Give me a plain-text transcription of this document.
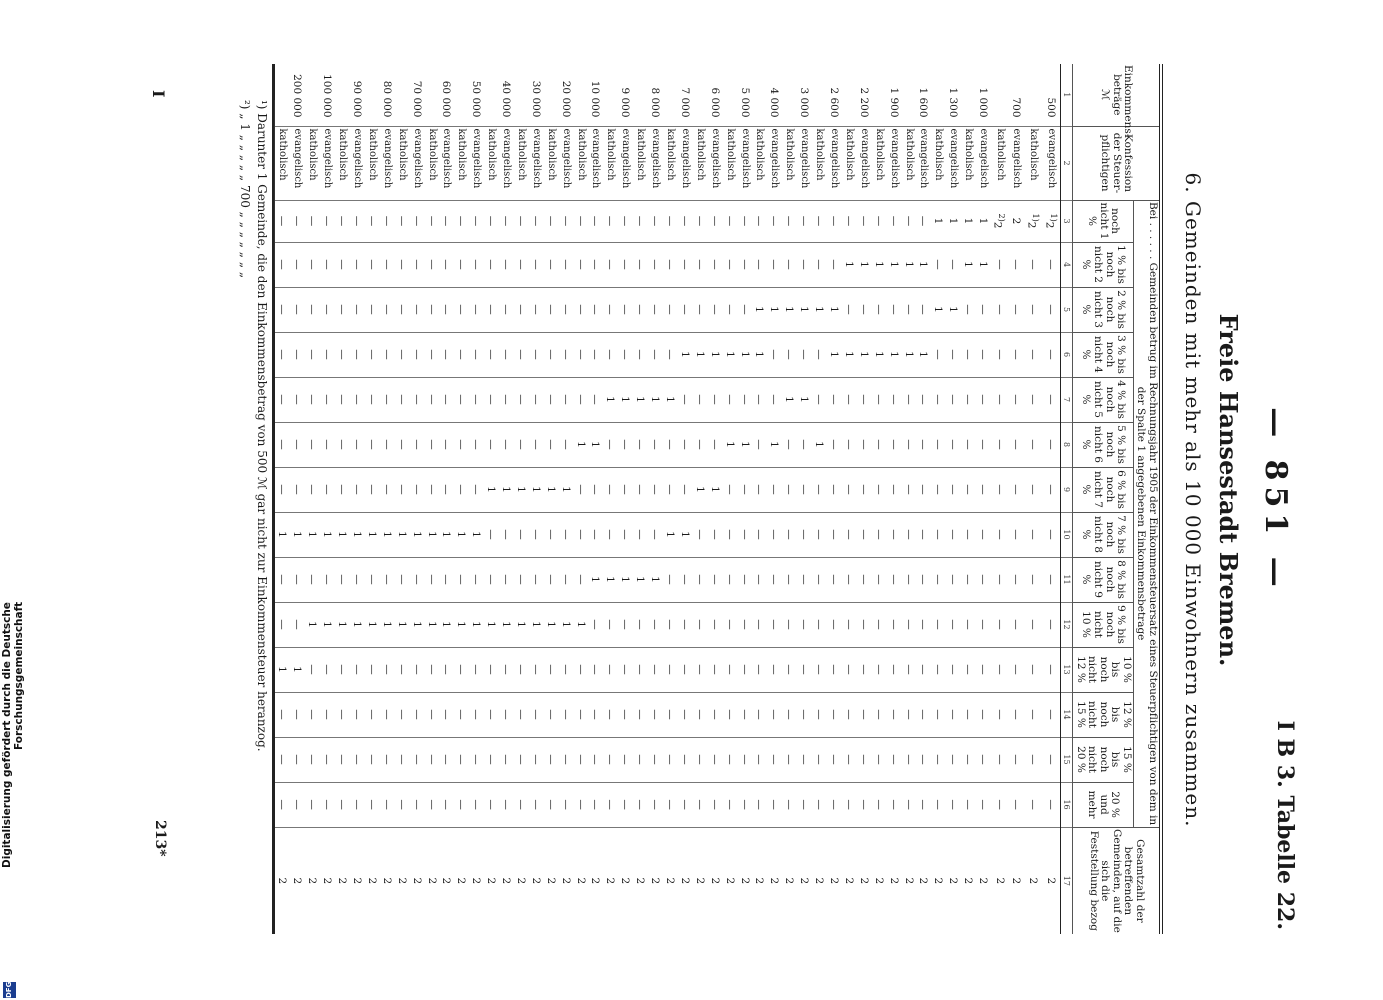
— 851 —
I B 3. Tabelle 22.
Freie Hansestadt Bremen.
6. Gemeinden mit mehr als 10 000 Einwohnern zusammen.
Einkommens-beträge
ℳ	Konfession der Steuer-pflichtigen	Bei . . . . . . Gemeinden betrug im Rechnungsjahr 1905 der Einkommensteuersatz eines Steuerpflichtigen von dem in der Spalte 1 angegebenen Einkommensbetrage														Gesamtzahl der betreffenden Gemeinden, auf die sich die Feststellung bezog
		noch nicht 1 %	1 % bis noch nicht 2 %	2 % bis noch nicht 3 %	3 % bis noch nicht 4 %	4 % bis noch nicht 5 %	5 % bis noch nicht 6 %	6 % bis noch nicht 7 %	7 % bis noch nicht 8 %	8 % bis noch nicht 9 %	9 % bis noch nicht 10 %	10 % bis noch nicht 12 %	12 % bis noch nicht 15 %	15 % bis noch nicht 20 %	20 % und mehr	
1	2	3	4	5	6	7	8	9	10	11	12	13	14	15	16	17
500	evangelisch	$^{1)}$2	—	—	—	—	—	—	—	—	—	—	—	—	—	2
	katholisch	$^{1)}$2	—	—	—	—	—	—	—	—	—	—	—	—	—	2
700	evangelisch	2	—	—	—	—	—	—	—	—	—	—	—	—	—	2
	katholisch	$^{2)}$2	—	—	—	—	—	—	—	—	—	—	—	—	—	2
1 000	evangelisch	1	1	—	—	—	—	—	—	—	—	—	—	—	—	2
	katholisch	1	1	—	—	—	—	—	—	—	—	—	—	—	—	2
1 300	evangelisch	1	—	1	—	—	—	—	—	—	—	—	—	—	—	2
	katholisch	1	—	1	—	—	—	—	—	—	—	—	—	—	—	2
1 600	evangelisch	—	1	—	1	—	—	—	—	—	—	—	—	—	—	2
	katholisch	—	1	—	1	—	—	—	—	—	—	—	—	—	—	2
1 900	evangelisch	—	1	—	1	—	—	—	—	—	—	—	—	—	—	2
	katholisch	—	1	—	1	—	—	—	—	—	—	—	—	—	—	2
2 200	evangelisch	—	1	—	1	—	—	—	—	—	—	—	—	—	—	2
	katholisch	—	1	—	1	—	—	—	—	—	—	—	—	—	—	2
2 600	evangelisch	—	—	1	1	—	—	—	—	—	—	—	—	—	—	2
	katholisch	—	—	1	—	—	1	—	—	—	—	—	—	—	—	2
3 000	evangelisch	—	—	1	—	1	—	—	—	—	—	—	—	—	—	2
	katholisch	—	—	1	—	1	—	—	—	—	—	—	—	—	—	2
4 000	evangelisch	—	—	1	—	—	1	—	—	—	—	—	—	—	—	2
	katholisch	—	—	1	1	—	—	—	—	—	—	—	—	—	—	2
5 000	evangelisch	—	—	—	1	—	1	—	—	—	—	—	—	—	—	2
	katholisch	—	—	—	1	—	1	—	—	—	—	—	—	—	—	2
6 000	evangelisch	—	—	—	1	—	—	1	—	—	—	—	—	—	—	2
	katholisch	—	—	—	1	—	—	1	—	—	—	—	—	—	—	2
7 000	evangelisch	—	—	—	1	—	—	—	1	—	—	—	—	—	—	2
	katholisch	—	—	—	—	1	—	—	1	—	—	—	—	—	—	2
8 000	evangelisch	—	—	—	—	1	—	—	—	1	—	—	—	—	—	2
	katholisch	—	—	—	—	1	—	—	—	1	—	—	—	—	—	2
9 000	evangelisch	—	—	—	—	1	—	—	—	1	—	—	—	—	—	2
	katholisch	—	—	—	—	1	—	—	—	1	—	—	—	—	—	2
10 000	evangelisch	—	—	—	—	—	1	—	—	1	—	—	—	—	—	2
	katholisch	—	—	—	—	—	1	—	—	—	1	—	—	—	—	2
20 000	evangelisch	—	—	—	—	—	—	1	—	—	1	—	—	—	—	2
	katholisch	—	—	—	—	—	—	1	—	—	1	—	—	—	—	2
30 000	evangelisch	—	—	—	—	—	—	1	—	—	1	—	—	—	—	2
	katholisch	—	—	—	—	—	—	1	—	—	1	—	—	—	—	2
40 000	evangelisch	—	—	—	—	—	—	1	—	—	1	—	—	—	—	2
	katholisch	—	—	—	—	—	—	1	—	—	1	—	—	—	—	2
50 000	evangelisch	—	—	—	—	—	—	—	1	—	1	—	—	—	—	2
	katholisch	—	—	—	—	—	—	—	1	—	1	—	—	—	—	2
60 000	evangelisch	—	—	—	—	—	—	—	1	—	1	—	—	—	—	2
	katholisch	—	—	—	—	—	—	—	1	—	1	—	—	—	—	2
70 000	evangelisch	—	—	—	—	—	—	—	1	—	1	—	—	—	—	2
	katholisch	—	—	—	—	—	—	—	1	—	1	—	—	—	—	2
80 000	evangelisch	—	—	—	—	—	—	—	1	—	1	—	—	—	—	2
	katholisch	—	—	—	—	—	—	—	1	—	1	—	—	—	—	2
90 000	evangelisch	—	—	—	—	—	—	—	1	—	1	—	—	—	—	2
	katholisch	—	—	—	—	—	—	—	1	—	1	—	—	—	—	2
100 000	evangelisch	—	—	—	—	—	—	—	1	—	1	—	—	—	—	2
	katholisch	—	—	—	—	—	—	—	1	—	1	—	—	—	—	2
200 000	evangelisch	—	—	—	—	—	—	—	1	—	—	1	—	—	—	2
	katholisch	—	—	—	—	—	—	—	1	—	—	1	—	—	—	2
¹) Darunter 1 Gemeinde, die den Einkommensbetrag von 500 ℳ gar nicht zur Einkommensteuer heranzog.
²) „ 1 „ „ „ „ „ 700 „ „ „ „ „ „ „
I
213*
Digitalisierung gefördert durch die Deutsche Forschungsgemeinschaft
DFG
